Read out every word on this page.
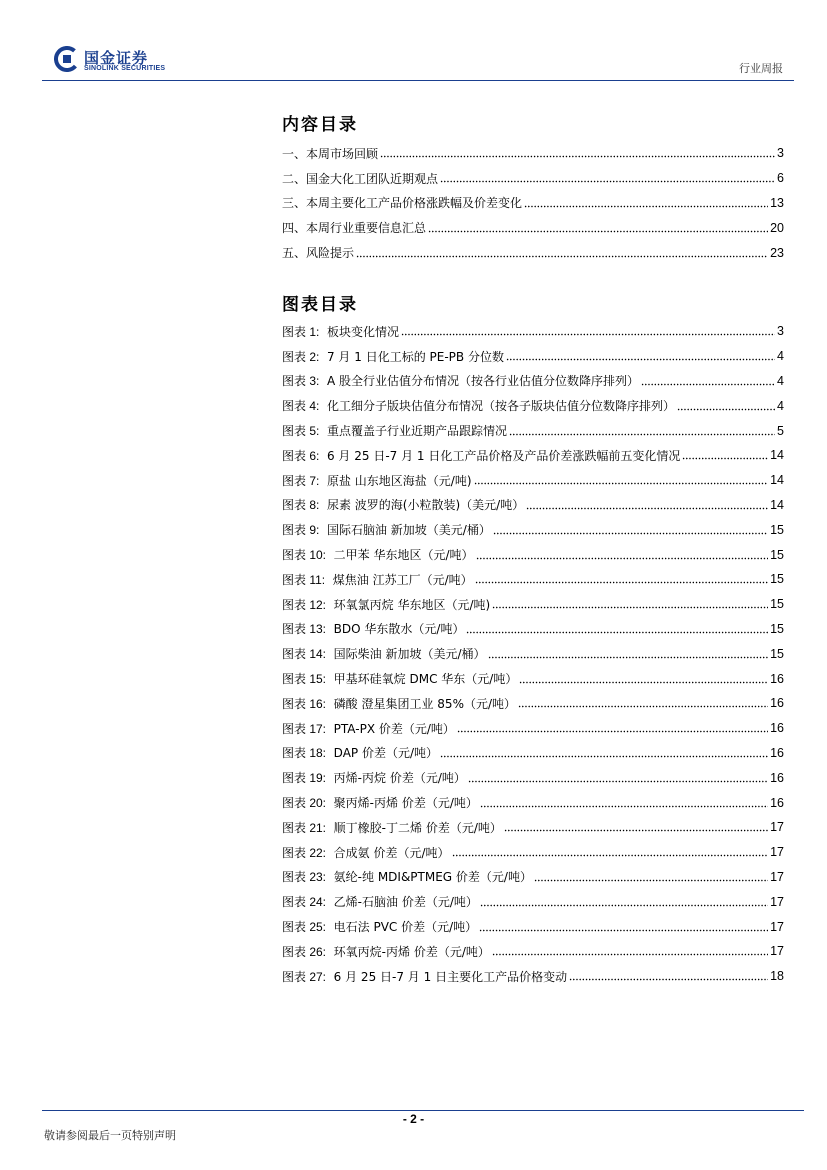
国金证券
SINOLINK SECURITIES	行业周报
内容目录
一、本周市场回顾	3
二、国金大化工团队近期观点	6
三、本周主要化工产品价格涨跌幅及价差变化	13
四、本周行业重要信息汇总	20
五、风险提示	23
图表目录
图表 1: 板块变化情况	3
图表 2: 7 月 1 日化工标的 PE-PB 分位数	4
图表 3: A 股全行业估值分布情况（按各行业估值分位数降序排列）	4
图表 4: 化工细分子版块估值分布情况（按各子版块估值分位数降序排列）	4
图表 5: 重点覆盖子行业近期产品跟踪情况	5
图表 6: 6 月 25 日-7 月 1 日化工产品价格及产品价差涨跌幅前五变化情况	14
图表 7: 原盐 山东地区海盐（元/吨)	14
图表 8: 尿素 波罗的海(小粒散装)（美元/吨）	14
图表 9: 国际石脑油 新加坡（美元/桶）	15
图表 10: 二甲苯 华东地区（元/吨）	15
图表 11: 煤焦油 江苏工厂（元/吨）	15
图表 12: 环氧氯丙烷 华东地区（元/吨)	15
图表 13: BDO 华东散水（元/吨）	15
图表 14: 国际柴油 新加坡（美元/桶）	15
图表 15: 甲基环硅氧烷 DMC 华东（元/吨）	16
图表 16: 磷酸 澄星集团工业 85%（元/吨）	16
图表 17: PTA-PX 价差（元/吨）	16
图表 18: DAP 价差（元/吨）	16
图表 19: 丙烯-丙烷 价差（元/吨）	16
图表 20: 聚丙烯-丙烯 价差（元/吨）	16
图表 21: 顺丁橡胶-丁二烯 价差（元/吨）	17
图表 22: 合成氨 价差（元/吨）	17
图表 23: 氨纶-纯 MDI&PTMEG 价差（元/吨）	17
图表 24: 乙烯-石脑油 价差（元/吨）	17
图表 25: 电石法 PVC 价差（元/吨）	17
图表 26: 环氧丙烷-丙烯 价差（元/吨）	17
图表 27: 6 月 25 日-7 月 1 日主要化工产品价格变动	18
- 2 -
敬请参阅最后一页特别声明
